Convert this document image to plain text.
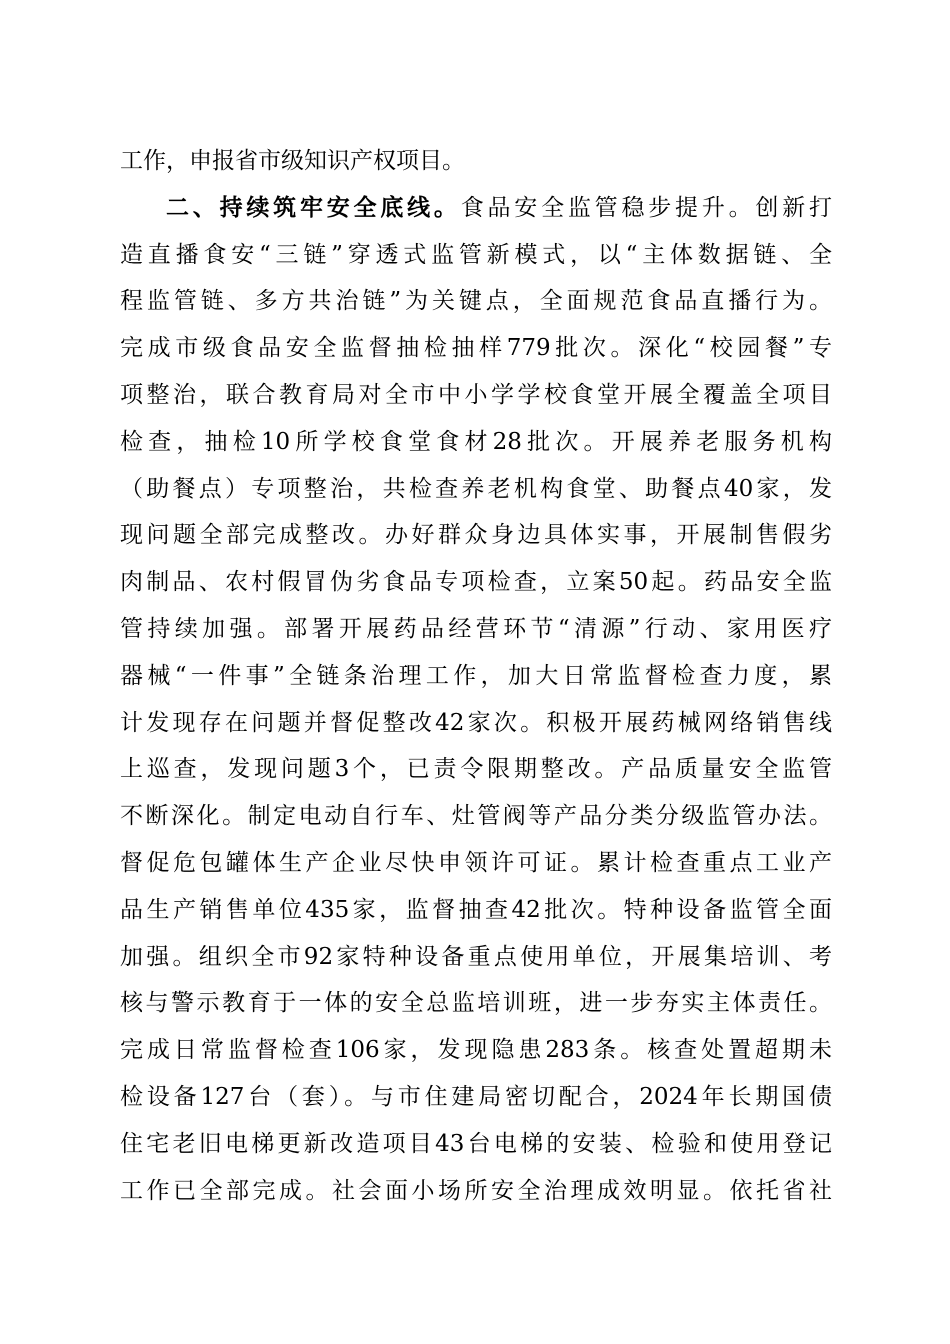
工作，申报省市级知识产权项目。
二、持续筑牢安全底线。食品安全监管稳步提升。创新打
造直播食安“三链”穿透式监管新模式，以“主体数据链、全
程监管链、多方共治链”为关键点，全面规范食品直播行为。
完成市级食品安全监督抽检抽样779批次。深化“校园餐”专
项整治，联合教育局对全市中小学学校食堂开展全覆盖全项目
检查，抽检10所学校食堂食材28批次。开展养老服务机构
（助餐点）专项整治，共检查养老机构食堂、助餐点40家，发
现问题全部完成整改。办好群众身边具体实事，开展制售假劣
肉制品、农村假冒伪劣食品专项检查，立案50起。药品安全监
管持续加强。部署开展药品经营环节“清源”行动、家用医疗
器械“一件事”全链条治理工作，加大日常监督检查力度，累
计发现存在问题并督促整改42家次。积极开展药械网络销售线
上巡查，发现问题3个，已责令限期整改。产品质量安全监管
不断深化。制定电动自行车、灶管阀等产品分类分级监管办法。
督促危包罐体生产企业尽快申领许可证。累计检查重点工业产
品生产销售单位435家，监督抽查42批次。特种设备监管全面
加强。组织全市92家特种设备重点使用单位，开展集培训、考
核与警示教育于一体的安全总监培训班，进一步夯实主体责任。
完成日常监督检查106家，发现隐患283条。核查处置超期未
检设备127台（套）。与市住建局密切配合，2024年长期国债
住宅老旧电梯更新改造项目43台电梯的安装、检验和使用登记
工作已全部完成。社会面小场所安全治理成效明显。依托省社
